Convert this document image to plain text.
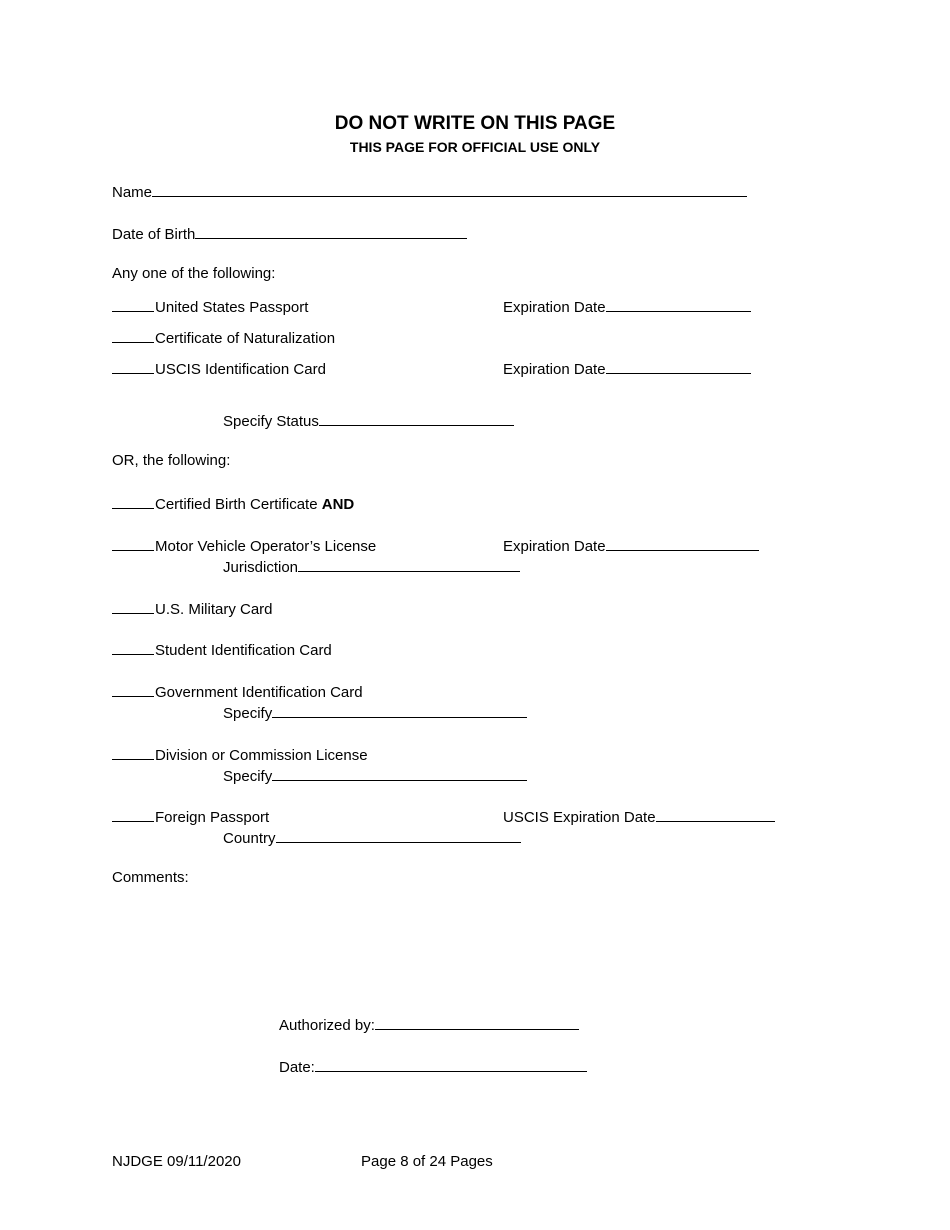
DO NOT WRITE ON THIS PAGE
THIS PAGE FOR OFFICIAL USE ONLY
Name
Date of Birth
Any one of the following:
United States Passport	Expiration Date
Certificate of Naturalization
USCIS Identification Card	Expiration Date
Specify Status
OR, the following:
Certified Birth Certificate AND
Motor Vehicle Operator’s License	Expiration Date
Jurisdiction
U.S. Military Card
Student Identification Card
Government Identification Card
Specify
Division or Commission License
Specify
Foreign Passport	USCIS Expiration Date
Country
Comments:
Authorized by:
Date:
NJDGE 09/11/2020	Page 8 of 24 Pages
